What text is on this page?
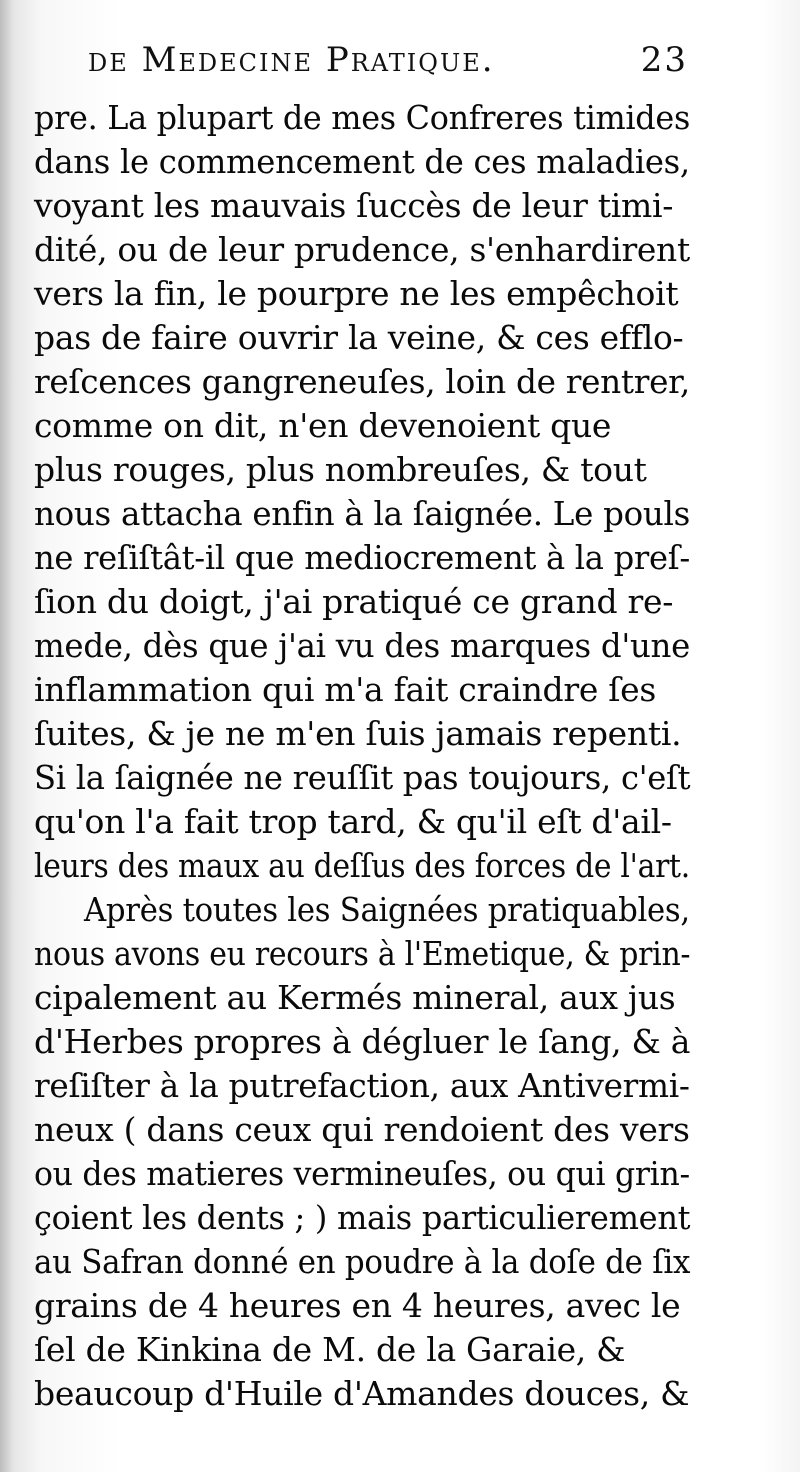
de Medecine Pratique.	23
pre. La plupart de mes Confreres timides
dans le commencement de ces maladies,
voyant les mauvais ſuccès de leur timi-
dité, ou de leur prudence, s'enhardirent
vers la fin, le pourpre ne les empêchoit
pas de faire ouvrir la veine, & ces efflo-
reſcences gangreneuſes, loin de rentrer,
comme on dit, n'en devenoient que
plus rouges, plus nombreuſes, & tout
nous attacha enfin à la ſaignée. Le pouls
ne reſiſtât-il que mediocrement à la preſ-
ſion du doigt, j'ai pratiqué ce grand re-
mede, dès que j'ai vu des marques d'une
inflammation qui m'a fait craindre ſes
ſuites, & je ne m'en ſuis jamais repenti.
Si la ſaignée ne reuſſit pas toujours, c'eſt
qu'on l'a fait trop tard, & qu'il eſt d'ail-
leurs des maux au deſſus des forces de l'art.
Après toutes les Saignées pratiquables,
nous avons eu recours à l'Emetique, & prin-
cipalement au Kermés mineral, aux jus
d'Herbes propres à dégluer le ſang, & à
reſiſter à la putrefaction, aux Antivermi-
neux ( dans ceux qui rendoient des vers
ou des matieres vermineuſes, ou qui grin-
çoient les dents ; ) mais particulierement
au Safran donné en poudre à la doſe de ſix
grains de 4 heures en 4 heures, avec le
ſel de Kinkina de M. de la Garaie, &
beaucoup d'Huile d'Amandes douces, &
